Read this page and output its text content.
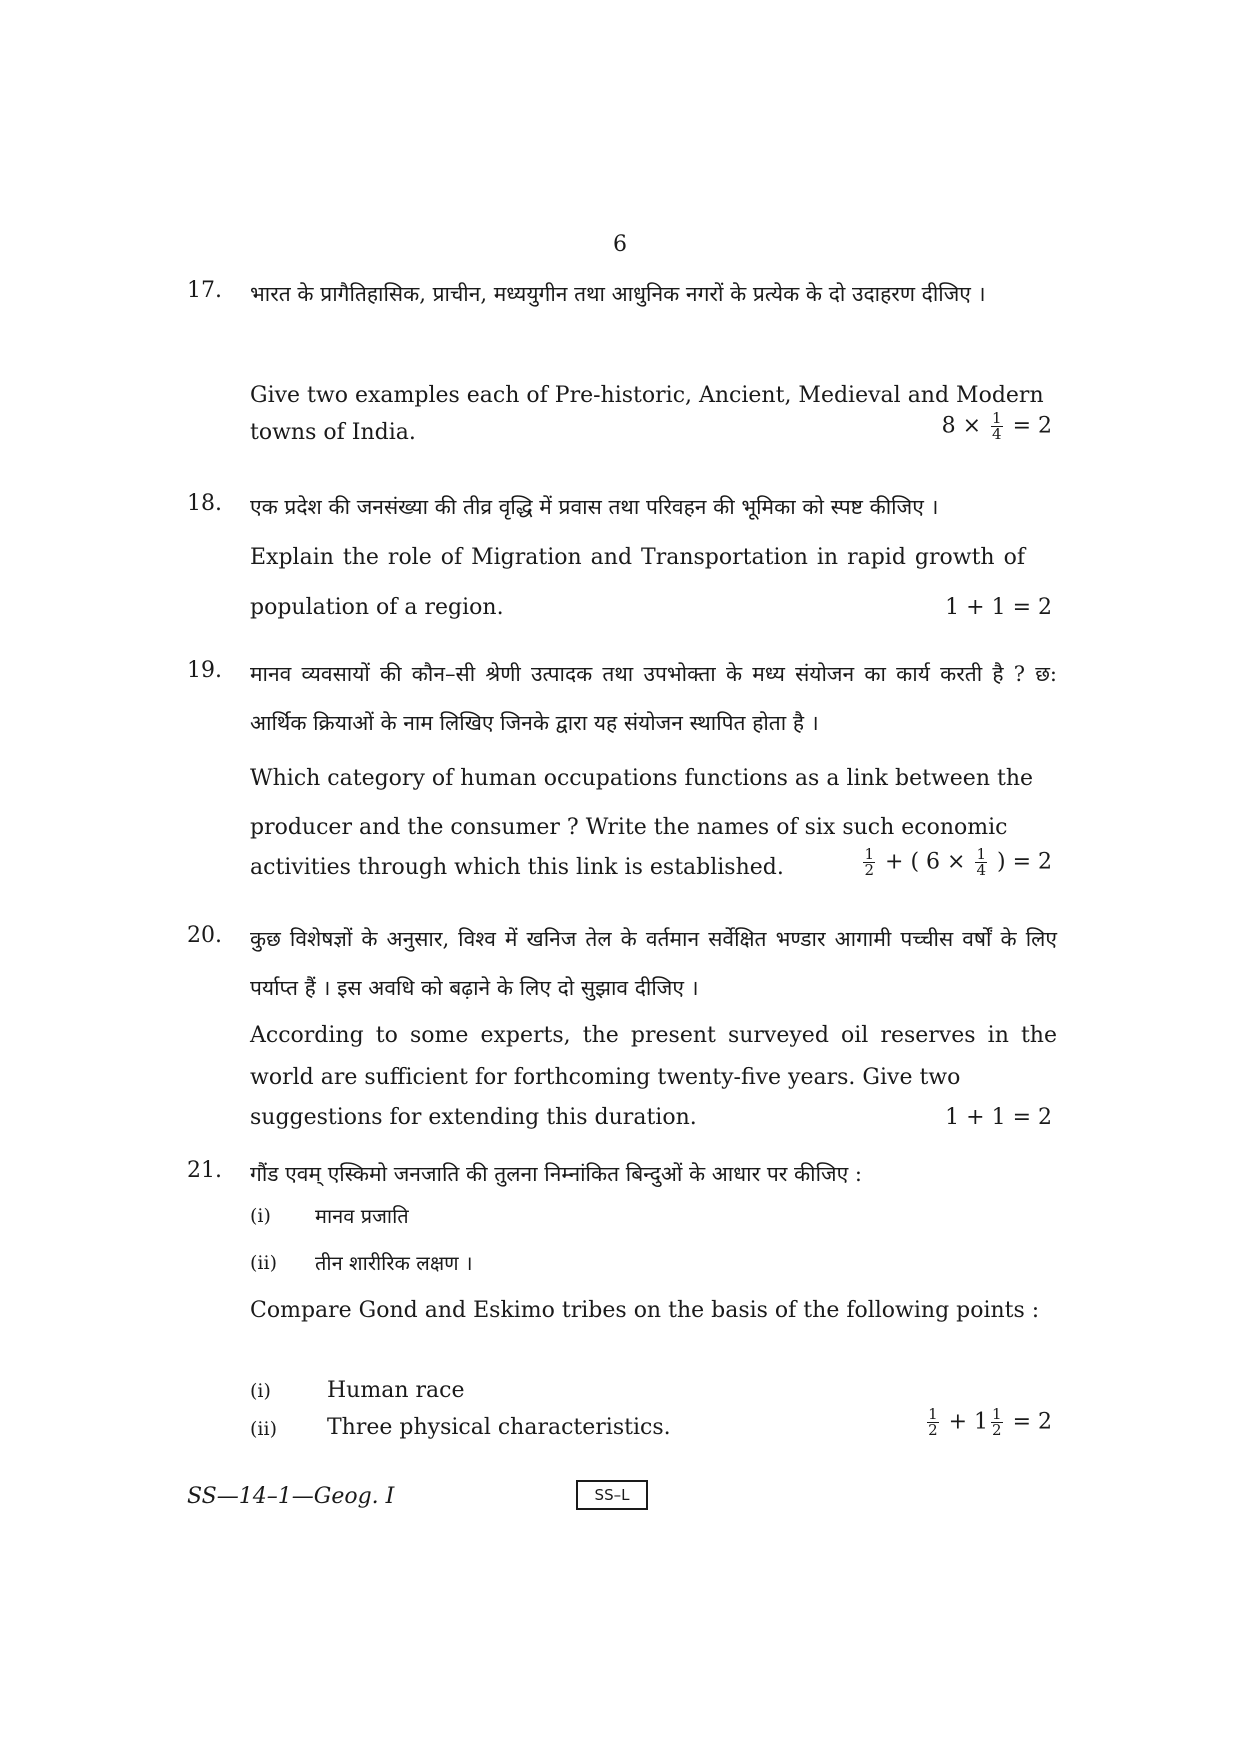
6
17. भारत के प्रागैतिहासिक, प्राचीन, मध्ययुगीन तथा आधुनिक नगरों के प्रत्येक के दो उदाहरण दीजिए ।

Give two examples each of Pre-historic, Ancient, Medieval and Modern
towns of India.	$8 \times \frac{1}{4} = 2$
18. एक प्रदेश की जनसंख्या की तीव्र वृद्धि में प्रवास तथा परिवहन की भूमिका को स्पष्ट कीजिए ।

Explain the role of Migration and Transportation in rapid growth of
population of a region.	1 + 1 = 2
19. मानव व्यवसायों की कौन–सी श्रेणी उत्पादक तथा उपभोक्ता के मध्य संयोजन का कार्य करती है ? छ: आर्थिक क्रियाओं के नाम लिखिए जिनके द्वारा यह संयोजन स्थापित होता है ।

Which category of human occupations functions as a link between the
producer and the consumer ? Write the names of six such economic
activities through which this link is established.	$\frac{1}{2}$ + ( $6 \times \frac{1}{4}$ ) = 2
20. कुछ विशेषज्ञों के अनुसार, विश्व में खनिज तेल के वर्तमान सर्वेक्षित भण्डार आगामी पच्चीस वर्षों के लिए पर्याप्त हैं । इस अवधि को बढ़ाने के लिए दो सुझाव दीजिए ।

According to some experts, the present surveyed oil reserves in the world are sufficient for forthcoming twenty-five years. Give two

suggestions for extending this duration.	1 + 1 = 2
21. गौंड एवम् एस्किमो जनजाति की तुलना निम्नांकित बिन्दुओं के आधार पर कीजिए :
(i) मानव प्रजाति
(ii) तीन शारीरिक लक्षण ।

Compare Gond and Eskimo tribes on the basis of the following points :

(i)	Human race
(ii) Three physical characteristics.	$\frac{1}{2} + 1 \frac{1}{2} = 2$
SS—14–1—Geog. I	SS–L
